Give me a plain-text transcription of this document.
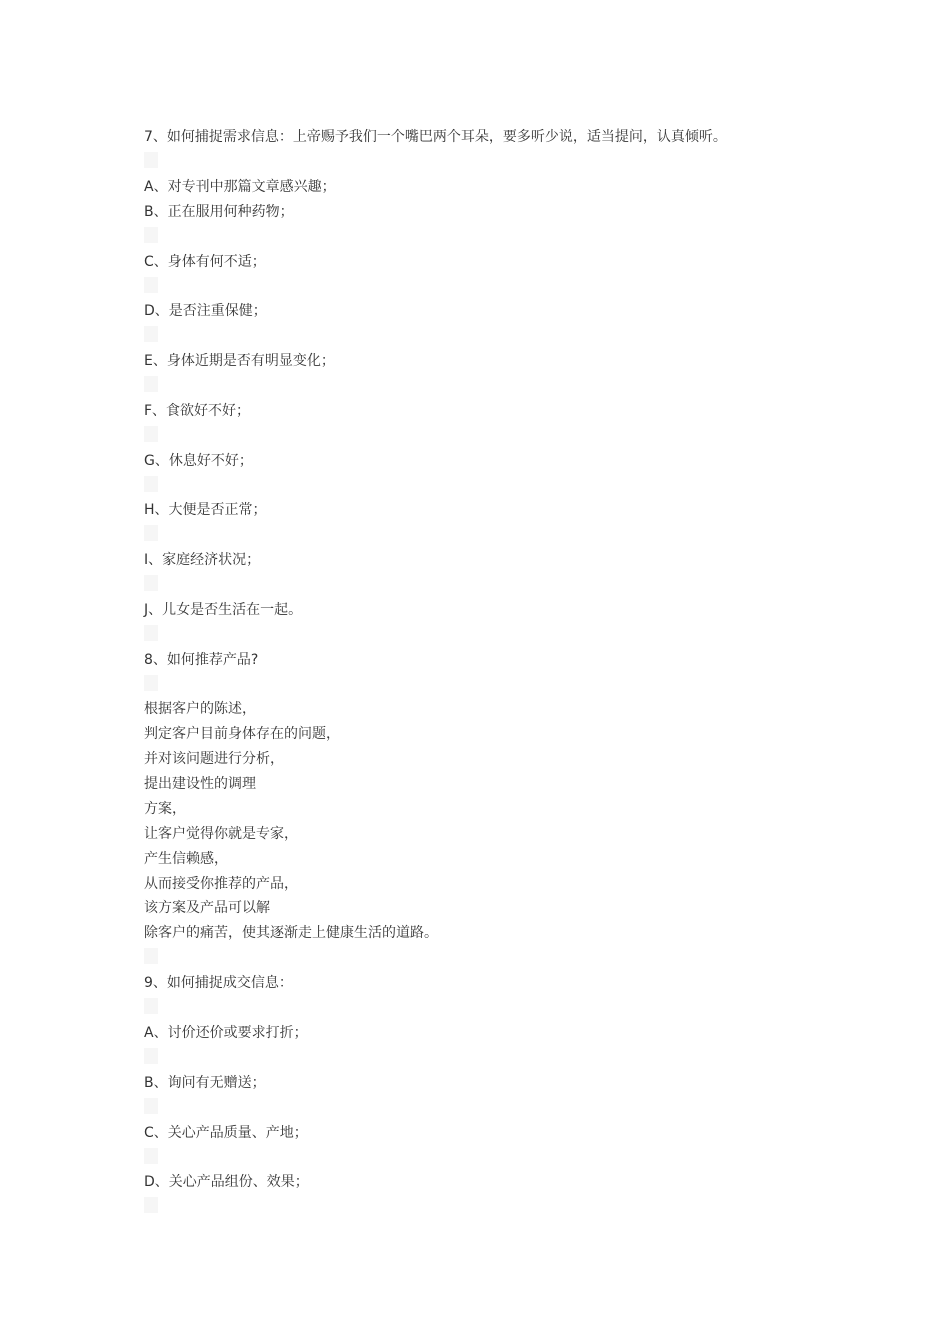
7、如何捕捉需求信息：上帝赐予我们一个嘴巴两个耳朵，要多听少说，适当提问，认真倾听。
A、对专刊中那篇文章感兴趣；
B、正在服用何种药物；
C、身体有何不适；
D、是否注重保健；
E、身体近期是否有明显变化；
F、食欲好不好；
G、休息好不好；
H、大便是否正常；
I、家庭经济状况；
J、儿女是否生活在一起。
8、如何推荐产品?
根据客户的陈述，
判定客户目前身体存在的问题，
并对该问题进行分析，
提出建设性的调理
方案，
让客户觉得你就是专家，
产生信赖感，
从而接受你推荐的产品，
该方案及产品可以解
除客户的痛苦，使其逐渐走上健康生活的道路。
9、如何捕捉成交信息：
A、讨价还价或要求打折；
B、询问有无赠送；
C、关心产品质量、产地；
D、关心产品组份、效果；
